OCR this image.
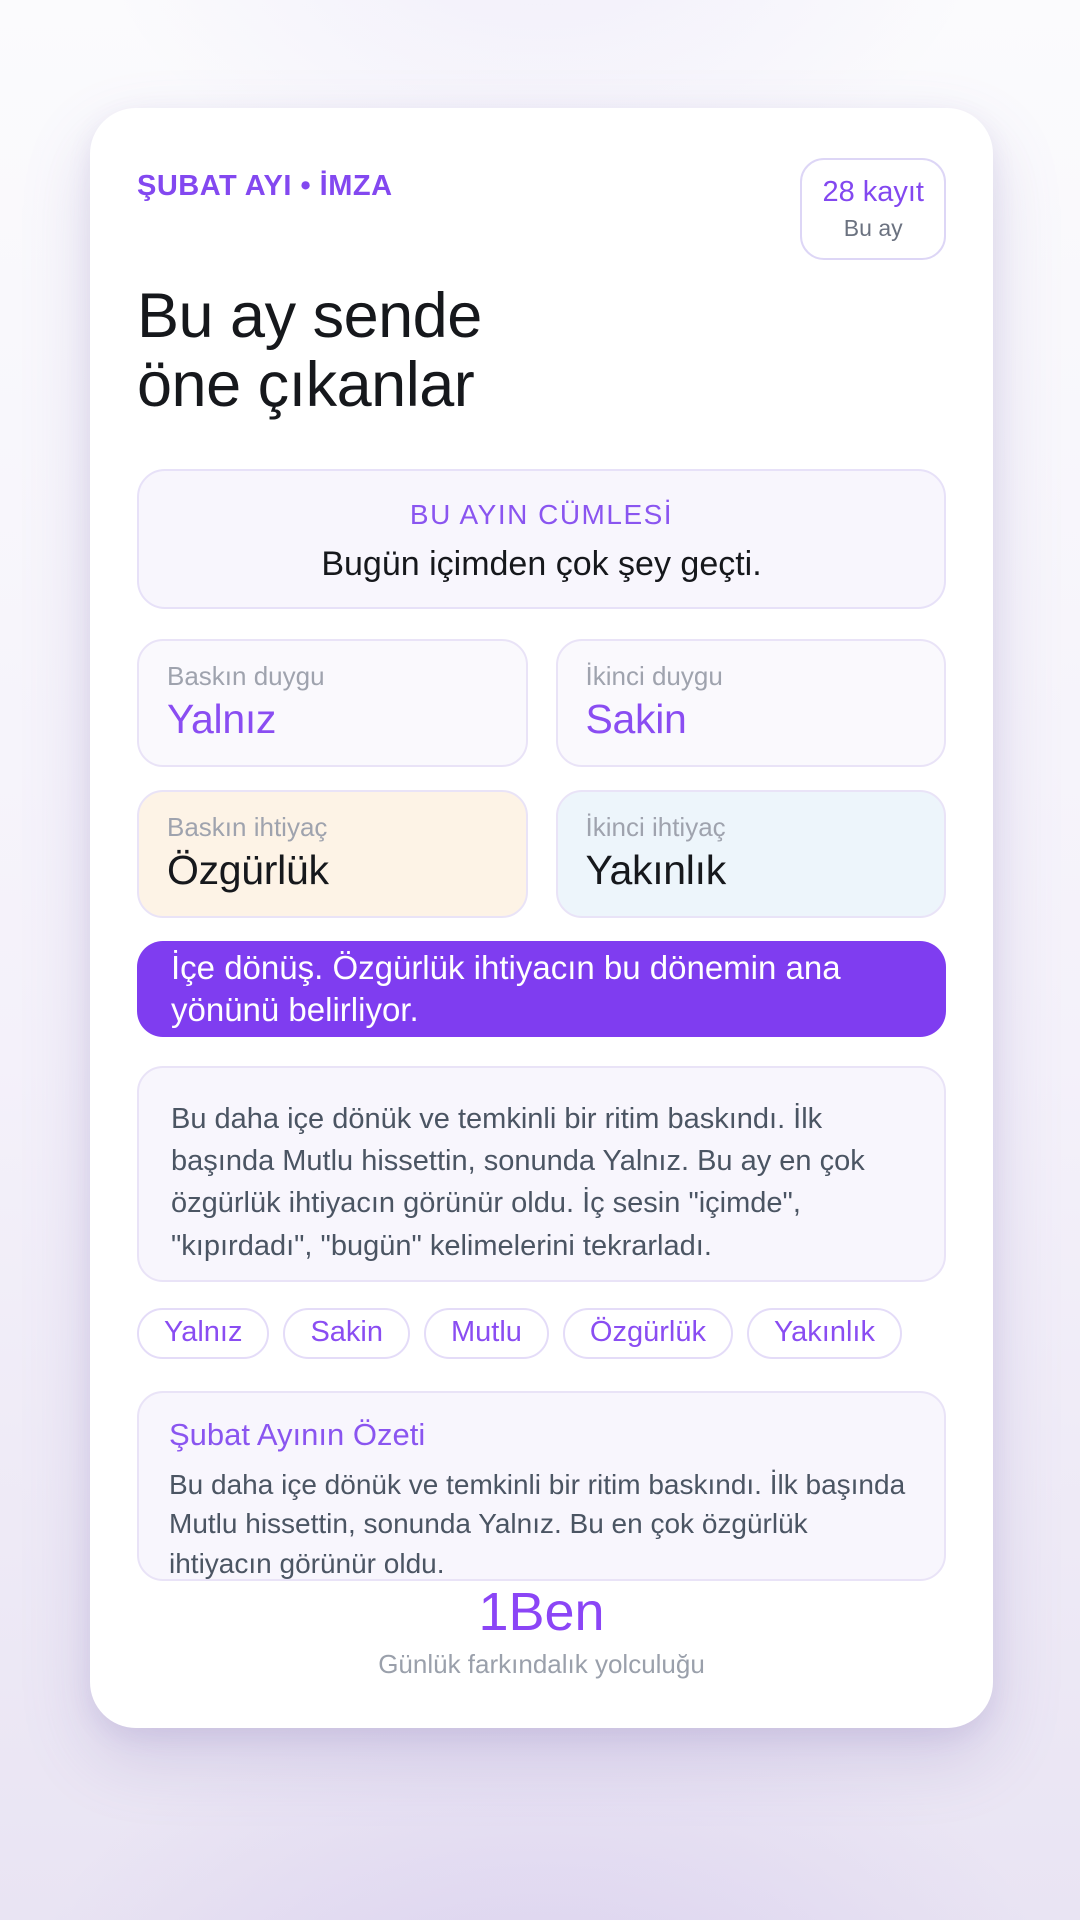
ŞUBAT AYI • İMZA	28 kayıt
Bu ay
Bu ay sende
öne çıkanlar
BU AYIN CÜMLESİ
Bugün içimden çok şey geçti.
Baskın duygu
Yalnız
İkinci duygu
Sakin
Baskın ihtiyaç
Özgürlük
İkinci ihtiyaç
Yakınlık
İçe dönüş. Özgürlük ihtiyacın bu dönemin ana yönünü belirliyor.
Bu daha içe dönük ve temkinli bir ritim baskındı. İlk başında Mutlu hissettin, sonunda Yalnız. Bu ay en çok özgürlük ihtiyacın görünür oldu. İç sesin "içimde", "kıpırdadı", "bugün" kelimelerini tekrarladı.
Yalnız	Sakin	Mutlu	Özgürlük	Yakınlık
Şubat Ayının Özeti
Bu daha içe dönük ve temkinli bir ritim baskındı. İlk başında Mutlu hissettin, sonunda Yalnız. Bu en çok özgürlük ihtiyacın görünür oldu.
1Ben
Günlük farkındalık yolculuğu
